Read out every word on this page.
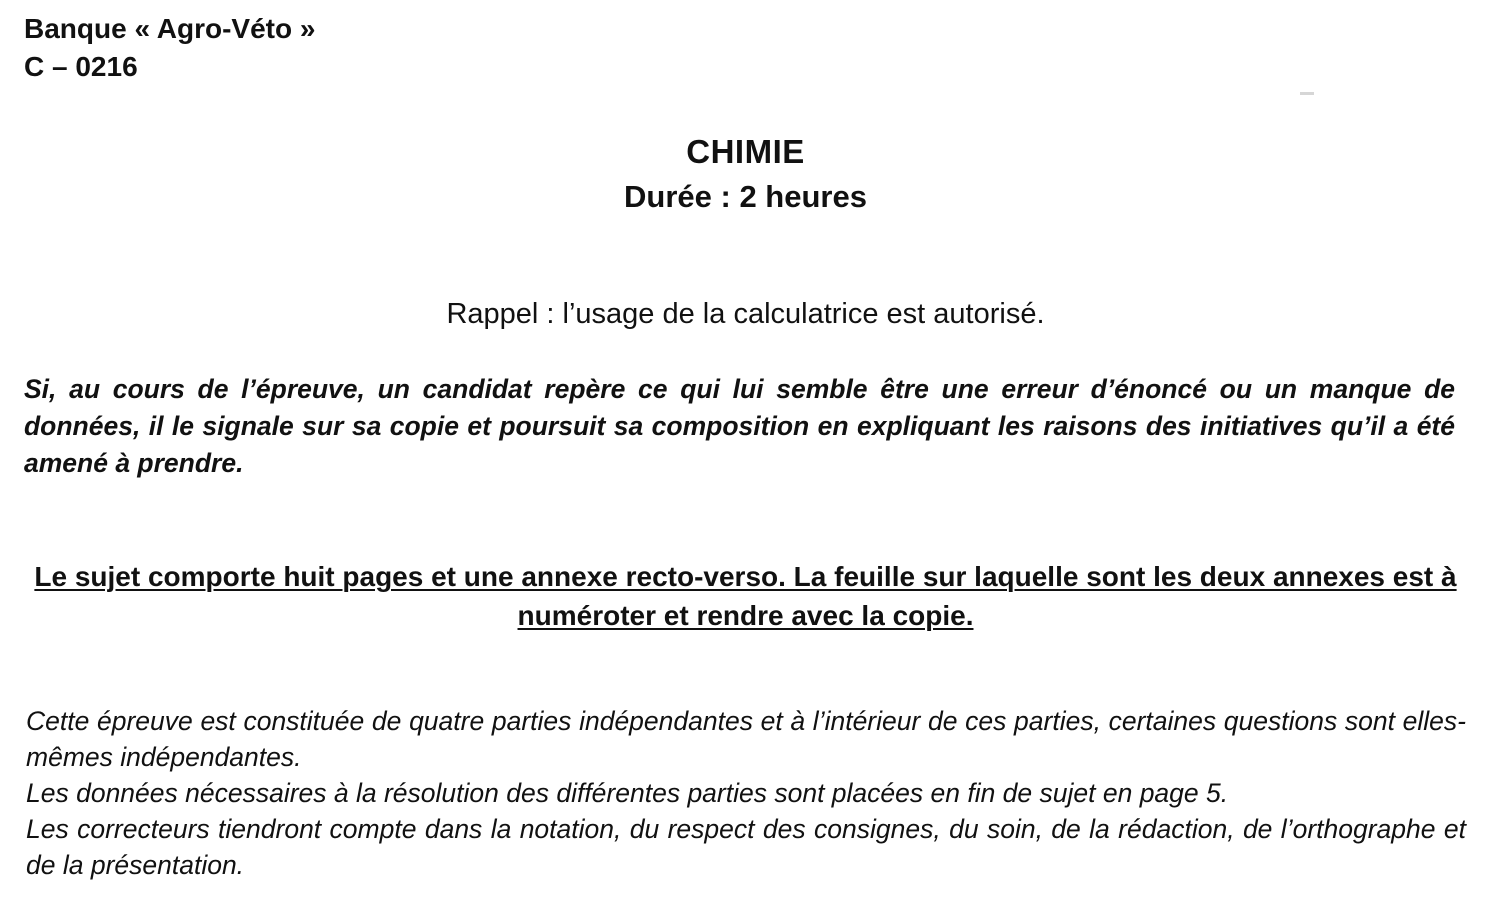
Banque « Agro-Véto »
C – 0216
CHIMIE
Durée : 2 heures
Rappel : l’usage de la calculatrice est autorisé.
Si, au cours de l’épreuve, un candidat repère ce qui lui semble être une erreur d’énoncé ou un manque de données, il le signale sur sa copie et poursuit sa composition en expliquant les raisons des initiatives qu’il a été amené à prendre.
Le sujet comporte huit pages et une annexe recto-verso. La feuille sur laquelle sont les deux annexes est à numéroter et rendre avec la copie.
Cette épreuve est constituée de quatre parties indépendantes et à l’intérieur de ces parties, certaines questions sont elles-mêmes indépendantes.
Les données nécessaires à la résolution des différentes parties sont placées en fin de sujet en page 5.
Les correcteurs tiendront compte dans la notation, du respect des consignes, du soin, de la rédaction, de l’orthographe et de la présentation.
